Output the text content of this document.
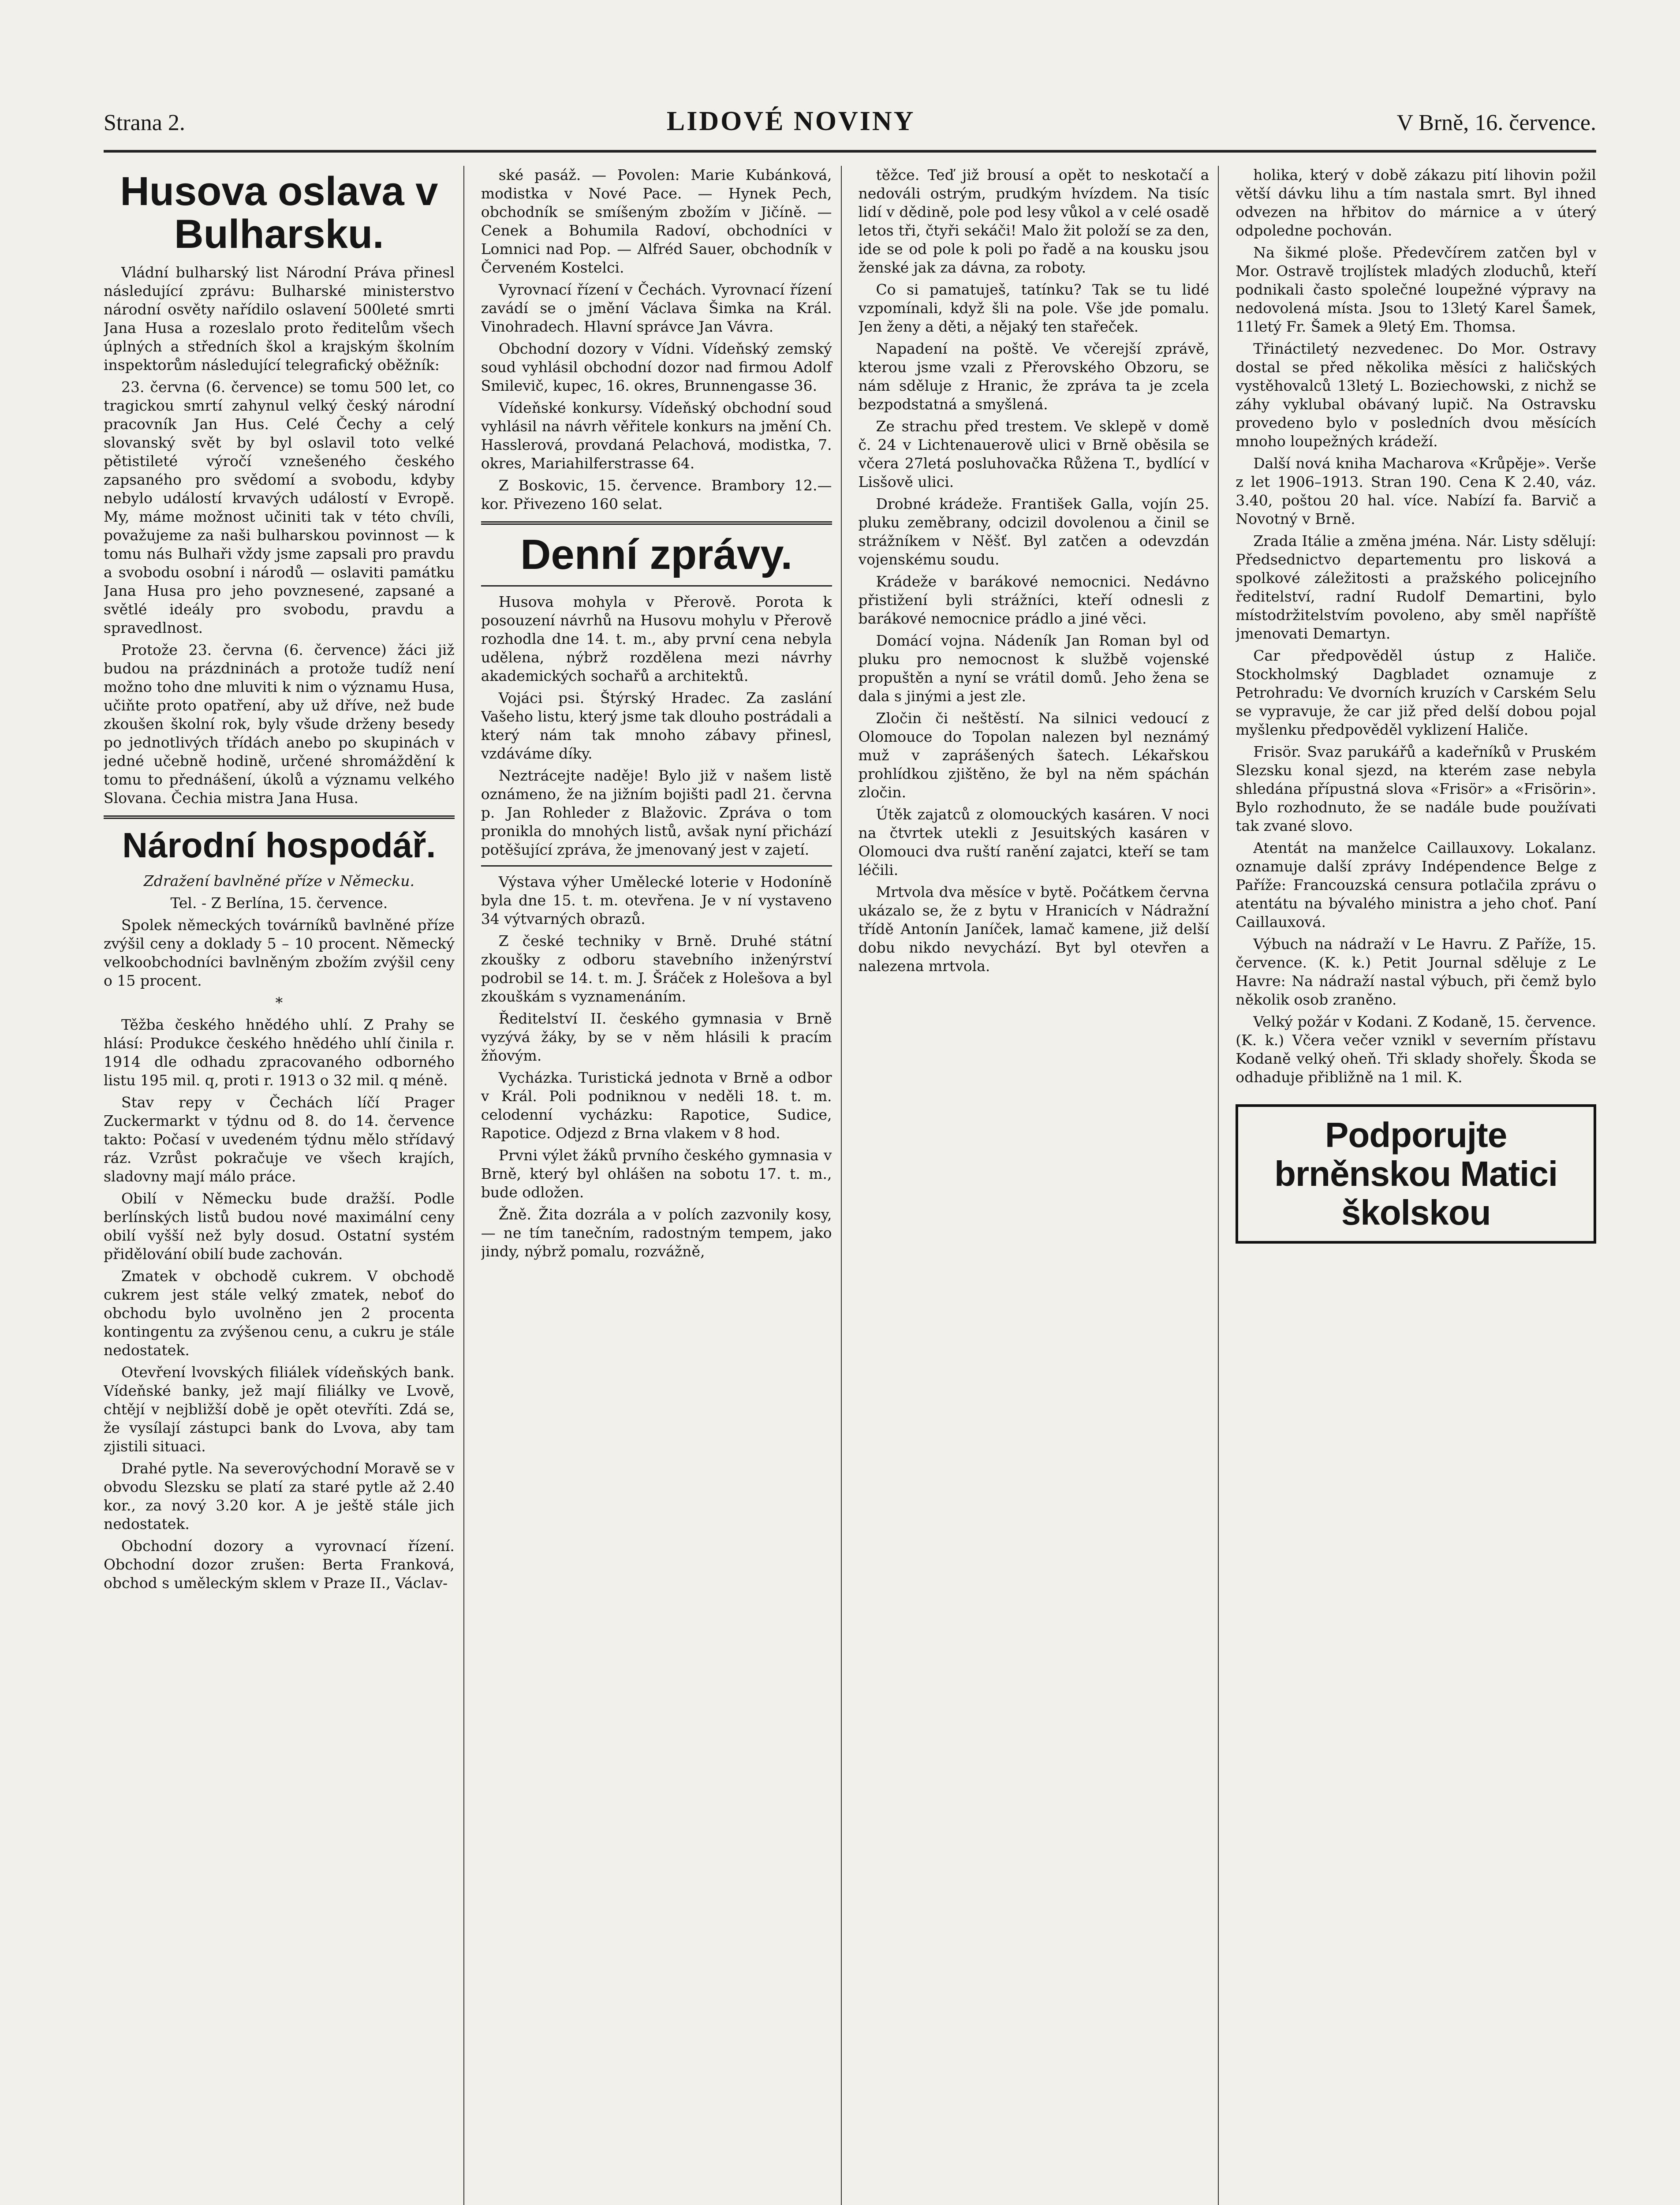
Strana 2.	LIDOVÉ NOVINY	V Brně, 16. července.
Husova oslava v Bulharsku.

Vládní bulharský list Národní Práva přinesl následující zprávu: Bulharské ministerstvo národní osvěty nařídilo oslavení 500leté smrti Jana Husa a rozeslalo proto ředitelům všech úplných a středních škol a krajským školním inspektorům následující telegrafický oběžník:

23. června (6. července) se tomu 500 let, co tragickou smrtí zahynul velký český národní pracovník Jan Hus. Celé Čechy a celý slovanský svět by byl oslavil toto velké pětistileté výročí vznešeného českého zapsaného pro svědomí a svobodu, kdyby nebylo událostí krvavých událostí v Evropě. My, máme možnost učiniti tak v této chvíli, považujeme za naši bulharskou povinnost — k tomu nás Bulhaři vždy jsme zapsali pro pravdu a svobodu osobní i národů — oslaviti památku Jana Husa pro jeho povznesené, zapsané a světlé ideály pro svobodu, pravdu a spravedlnost.

Protože 23. června (6. července) žáci již budou na prázdninách a protože tudíž není možno toho dne mluviti k nim o významu Husa, učiňte proto opatření, aby už dříve, než bude zkoušen školní rok, byly všude drženy besedy po jednotlivých třídách anebo po skupinách v jedné učebně hodině, určené shromáždění k tomu to přednášení, úkolů a významu velkého Slovana. Čechia mistra Jana Husa.

Národní hospodář.

Zdražení bavlněné příze v Německu.

Tel. - Z Berlína, 15. července.

Spolek německých továrníků bavlněné příze zvýšil ceny a doklady 5 – 10 procent. Německý velkoobchodníci bavlněným zbožím zvýšil ceny o 15 procent.

*

Těžba českého hnědého uhlí. Z Prahy se hlásí: Produkce českého hnědého uhlí činila r. 1914 dle odhadu zpracovaného odborného listu 195 mil. q, proti r. 1913 o 32 mil. q méně.

Stav repy v Čechách líčí Prager Zuckermarkt v týdnu od 8. do 14. července takto: Počasí v uvedeném týdnu mělo střídavý ráz. Vzrůst pokračuje ve všech krajích, sladovny mají málo práce.

Obilí v Německu bude dražší. Podle berlínských listů budou nové maximální ceny obilí vyšší než byly dosud. Ostatní systém přidělování obilí bude zachován.

Zmatek v obchodě cukrem. V obchodě cukrem jest stále velký zmatek, neboť do obchodu bylo uvolněno jen 2 procenta kontingentu za zvýšenou cenu, a cukru je stále nedostatek.

Otevření lvovských filiálek vídeňských bank. Vídeňské banky, jež mají filiálky ve Lvově, chtějí v nejbližší době je opět otevříti. Zdá se, že vysílají zástupci bank do Lvova, aby tam zjistili situaci.

Drahé pytle. Na severovýchodní Moravě se v obvodu Slezsku se platí za staré pytle až 2.40 kor., za nový 3.20 kor. A je ještě stále jich nedostatek.

Obchodní dozory a vyrovnací řízení. Obchodní dozor zrušen: Berta Franková, obchod s uměleckým sklem v Praze II., Václav-

ské pasáž. — Povolen: Marie Kubánková, modistka v Nové Pace. — Hynek Pech, obchodník se smíšeným zbožím v Jičíně. — Cenek a Bohumila Radoví, obchodníci v Lomnici nad Pop. — Alfréd Sauer, obchodník v Červeném Kostelci.

Vyrovnací řízení v Čechách. Vyrovnací řízení zavádí se o jmění Václava Šimka na Král. Vinohradech. Hlavní správce Jan Vávra.

Obchodní dozory v Vídni. Vídeňský zemský soud vyhlásil obchodní dozor nad firmou Adolf Smilevič, kupec, 16. okres, Brunnengasse 36.

Vídeňské konkursy. Vídeňský obchodní soud vyhlásil na návrh věřitele konkurs na jmění Ch. Hasslerová, provdaná Pelachová, modistka, 7. okres, Mariahilferstrasse 64.

Z Boskovic, 15. července. Brambory 12.— kor. Přivezeno 160 selat.

Denní zprávy.

Husova mohyla v Přerově. Porota k posouzení návrhů na Husovu mohylu v Přerově rozhodla dne 14. t. m., aby první cena nebyla udělena, nýbrž rozdělena mezi návrhy akademických sochařů a architektů.

Vojáci psi. Štýrský Hradec. Za zaslání Vašeho listu, který jsme tak dlouho postrádali a který nám tak mnoho zábavy přinesl, vzdáváme díky.

Neztrácejte naděje! Bylo již v našem listě oznámeno, že na jižním bojišti padl 21. června p. Jan Rohleder z Blažovic. Zpráva o tom pronikla do mnohých listů, avšak nyní přichází potěšující zpráva, že jmenovaný jest v zajetí.

Výstava výher Umělecké loterie v Hodoníně byla dne 15. t. m. otevřena. Je v ní vystaveno 34 výtvarných obrazů.

Z české techniky v Brně. Druhé státní zkoušky z odboru stavebního inženýrství podrobil se 14. t. m. J. Šráček z Holešova a byl zkouškám s vyznamenáním.

Ředitelství II. českého gymnasia v Brně vyzývá žáky, by se v něm hlásili k pracím žňovým.

Vycházka. Turistická jednota v Brně a odbor v Král. Poli podniknou v neděli 18. t. m. celodenní vycházku: Rapotice, Sudice, Rapotice. Odjezd z Brna vlakem v 8 hod.

Prvni výlet žáků prvního českého gymnasia v Brně, který byl ohlášen na sobotu 17. t. m., bude odložen.

Žně. Žita dozrála a v polích zazvonily kosy, — ne tím tanečním, radostným tempem, jako jindy, nýbrž pomalu, rozvážně,

těžce. Teď již brousí a opět to neskotačí a nedováli ostrým, prudkým hvízdem. Na tisíc lidí v dědině, pole pod lesy vůkol a v celé osadě letos tři, čtyři sekáči! Malo žit položí se za den, ide se od pole k poli po řadě a na kousku jsou ženské jak za dávna, za roboty.

Co si pamatuješ, tatínku? Tak se tu lidé vzpomínali, když šli na pole. Vše jde pomalu. Jen ženy a děti, a nějaký ten stařeček.

Napadení na poště. Ve včerejší zprávě, kterou jsme vzali z Přerovského Obzoru, se nám sděluje z Hranic, že zpráva ta je zcela bezpodstatná a smyšlená.

Ze strachu před trestem. Ve sklepě v domě č. 24 v Lichtenauerově ulici v Brně oběsila se včera 27letá posluhovačka Růžena T., bydlící v Lisšově ulici.

Drobné krádeže. František Galla, vojín 25. pluku zeměbrany, odcizil dovolenou a činil se strážníkem v Něšť. Byl zatčen a odevzdán vojenskému soudu.

Krádeže v barákové nemocnici. Nedávno přistižení byli strážníci, kteří odnesli z barákové nemocnice prádlo a jiné věci.

Domácí vojna. Nádeník Jan Roman byl od pluku pro nemocnost k službě vojenské propuštěn a nyní se vrátil domů. Jeho žena se dala s jinými a jest zle.

Zločin či neštěstí. Na silnici vedoucí z Olomouce do Topolan nalezen byl neznámý muž v zaprášených šatech. Lékařskou prohlídkou zjištěno, že byl na něm spáchán zločin.

Útěk zajatců z olomouckých kasáren. V noci na čtvrtek utekli z Jesuitských kasáren v Olomouci dva ruští ranění zajatci, kteří se tam léčili.

Mrtvola dva měsíce v bytě. Počátkem června ukázalo se, že z bytu v Hranicích v Nádražní třídě Antonín Janíček, lamač kamene, již delší dobu nikdo nevychází. Byt byl otevřen a nalezena mrtvola.

holika, který v době zákazu pití lihovin požil větší dávku lihu a tím nastala smrt. Byl ihned odvezen na hřbitov do márnice a v úterý odpoledne pochován.

Na šikmé ploše. Předevčírem zatčen byl v Mor. Ostravě trojlístek mladých zloduchů, kteří podnikali často společné loupežné výpravy na nedovolená místa. Jsou to 13letý Karel Šamek, 11letý Fr. Šamek a 9letý Em. Thomsa.

Třináctiletý nezvedenec. Do Mor. Ostravy dostal se před několika měsíci z haličských vystěhovalců 13letý L. Boziechowski, z nichž se záhy vyklubal obávaný lupič. Na Ostravsku provedeno bylo v posledních dvou měsících mnoho loupežných krádeží.

Další nová kniha Macharova «Krůpěje». Verše z let 1906–1913. Stran 190. Cena K 2.40, váz. 3.40, poštou 20 hal. více. Nabízí fa. Barvič a Novotný v Brně.

Zrada Itálie a změna jména. Nár. Listy sdělují: Předsednictvo departementu pro lisková a spolkové záležitosti a pražského policejního ředitelství, radní Rudolf Demartini, bylo místodržitelstvím povoleno, aby směl napříště jmenovati Demartyn.

Car předpověděl ústup z Haliče. Stockholmský Dagbladet oznamuje z Petrohradu: Ve dvorních kruzích v Carském Selu se vypravuje, že car již před delší dobou pojal myšlenku předpověděl vyklizení Haliče.

Frisör. Svaz parukářů a kadeřníků v Pruském Slezsku konal sjezd, na kterém zase nebyla shledána přípustná slova «Frisör» a «Frisörin». Bylo rozhodnuto, že se nadále bude používati tak zvané slovo.

Atentát na manželce Caillauxovy. Lokalanz. oznamuje další zprávy Indépendence Belge z Paříže: Francouzská censura potlačila zprávu o atentátu na bývalého ministra a jeho choť. Paní Caillauxová.

Výbuch na nádraží v Le Havru. Z Paříže, 15. července. (K. k.) Petit Journal sděluje z Le Havre: Na nádraží nastal výbuch, při čemž bylo několik osob zraněno.

Velký požár v Kodani. Z Kodaně, 15. července. (K. k.) Včera večer vznikl v severním přístavu Kodaně velký oheň. Tři sklady shořely. Škoda se odhaduje přibližně na 1 mil. K.

Podporujte brněnskou Matici školskou
